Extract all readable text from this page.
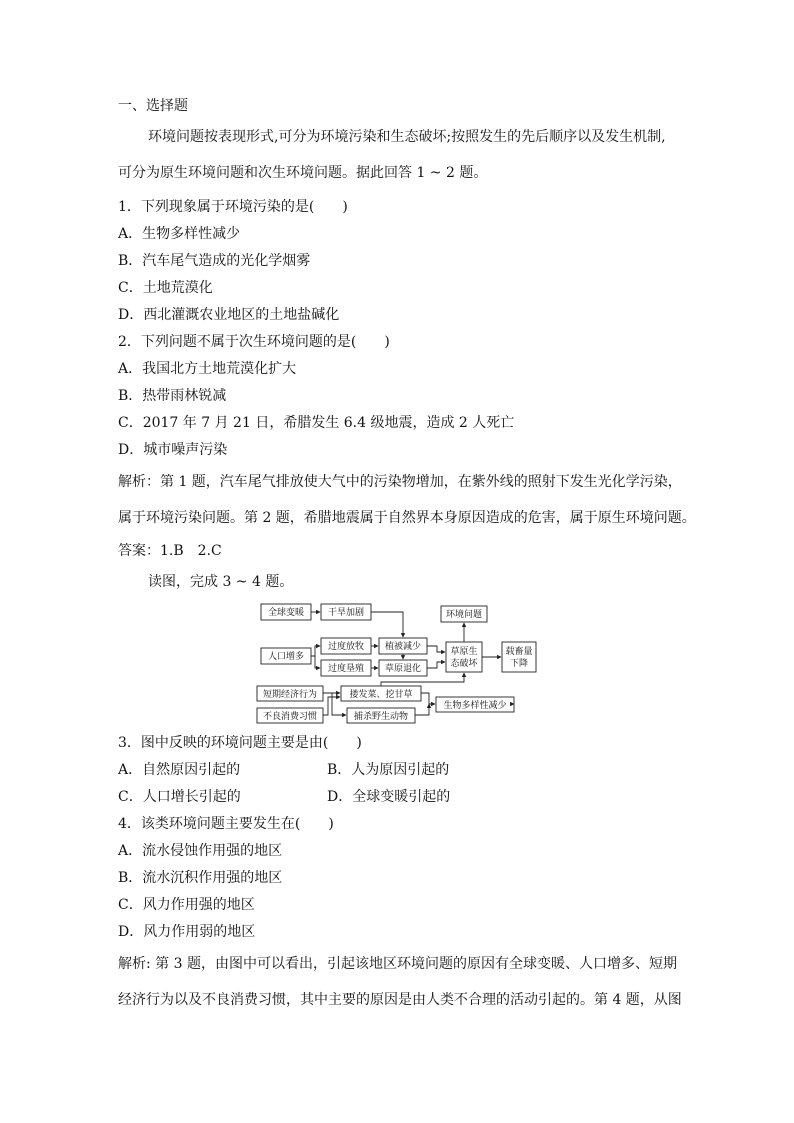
一、选择题
环境问题按表现形式,可分为环境污染和生态破坏;按照发生的先后顺序以及发生机制,
可分为原生环境问题和次生环境问题。据此回答 1 ~ 2 题。
1．下列现象属于环境污染的是(　　)
A．生物多样性减少
B．汽车尾气造成的光化学烟雾
C．土地荒漠化
D．西北灌溉农业地区的土地盐碱化
2．下列问题不属于次生环境问题的是(　　)
A．我国北方土地荒漠化扩大
B．热带雨林锐减
C．2017 年 7 月 21 日，希腊发生 6.4 级地震，造成 2 人死亡
D．城市噪声污染
解析：第 1 题，汽车尾气排放使大气中的污染物增加，在紫外线的照射下发生光化学污染，
属于环境污染问题。第 2 题，希腊地震属于自然界本身原因造成的危害，属于原生环境问题。
答案：1.B　2.C
读图，完成 3 ~ 4 题。
全球变暖	干旱加剧
人口增多
过度放牧
过度垦殖
植被减少
草原退化
环境问题
草原生
态破坏
载畜量
下降
短期经济行为
不良消费习惯
搂发菜、挖甘草
捕杀野生动物
生物多样性减少
3．图中反映的环境问题主要是由(　　)
A．自然原因引起的	B．人为原因引起的
C．人口增长引起的	D．全球变暖引起的
4．该类环境问题主要发生在(　　)
A．流水侵蚀作用强的地区
B．流水沉积作用强的地区
C．风力作用强的地区
D．风力作用弱的地区
解析: 第 3 题，由图中可以看出，引起该地区环境问题的原因有全球变暖、人口增多、短期
经济行为以及不良消费习惯，其中主要的原因是由人类不合理的活动引起的。第 4 题，从图
